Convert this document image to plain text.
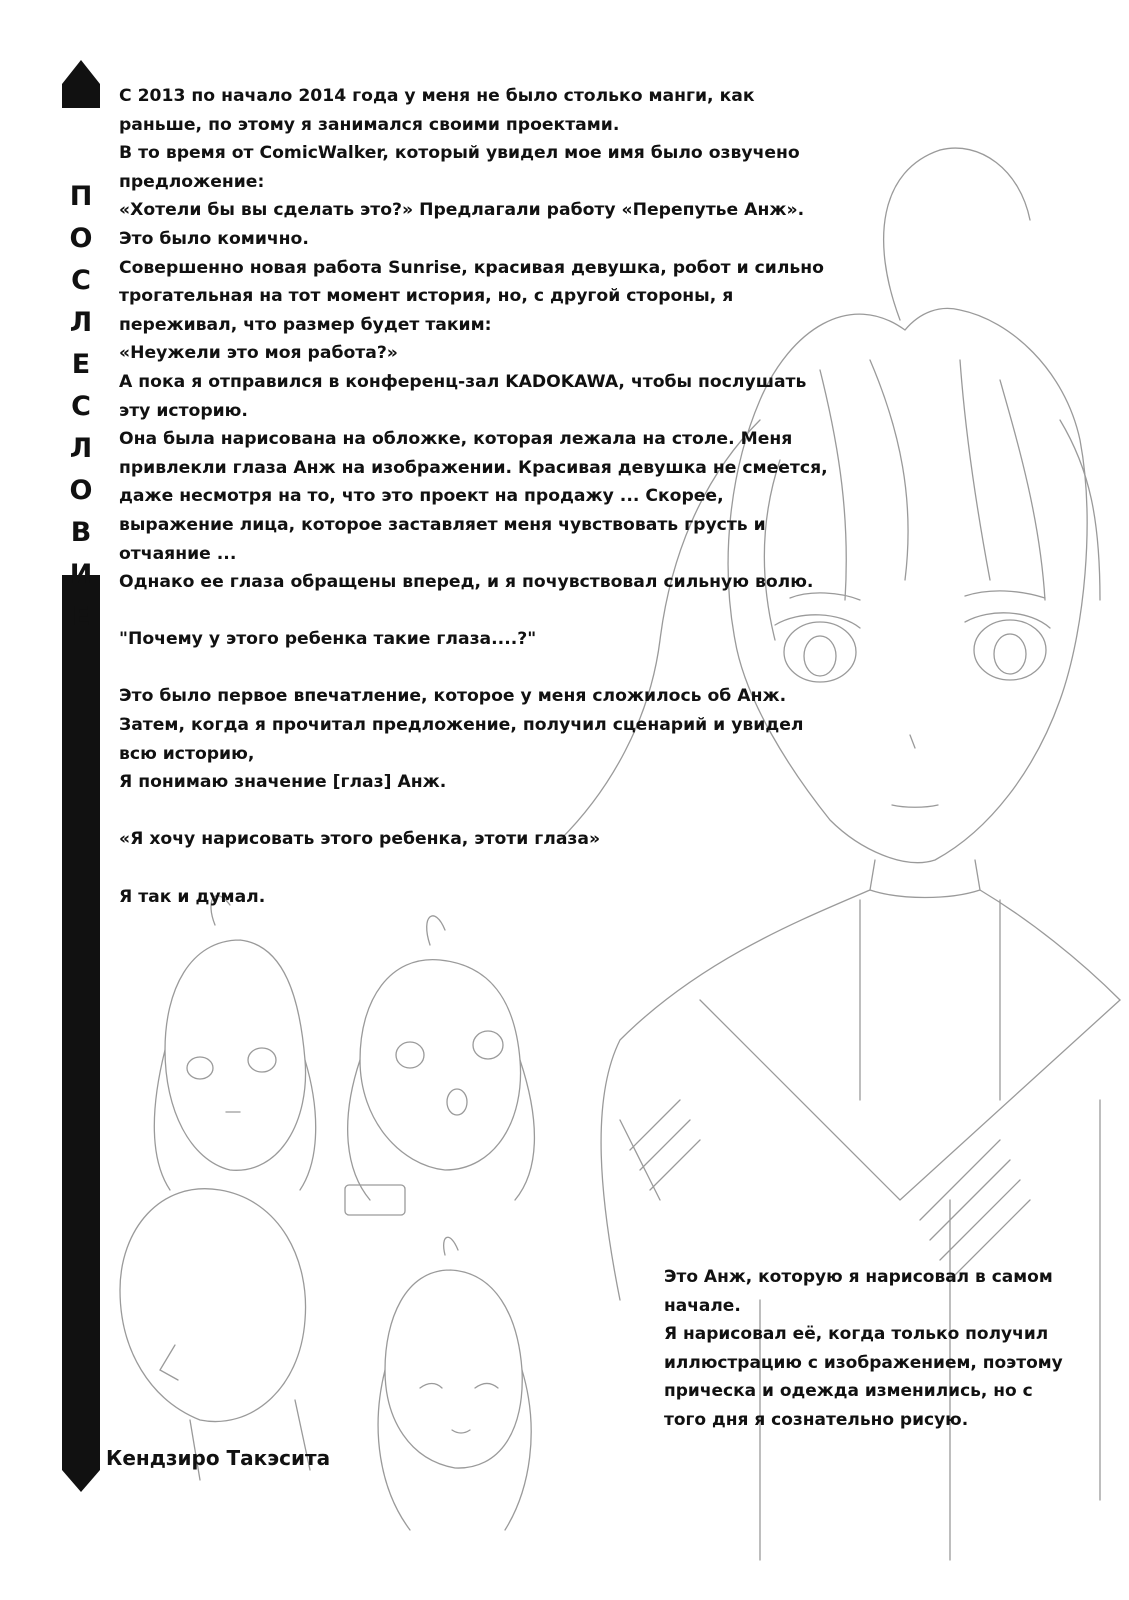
П
О
С
Л
Е
С
Л
О
В
И
Е

С 2013 по начало 2014 года у меня не было столько манги, как

раньше, по этому я занимался своими проектами.

В то время от ComicWalker, который увидел мое имя было озвучено

предложение:

«Хотели бы вы сделать это?» Предлагали работу «Перепутье Анж».

Это было комично.

Совершенно новая работа Sunrise, красивая девушка, робот и сильно

трогательная на тот момент история, но, с другой стороны, я

переживал, что размер будет таким:

«Неужели это моя работа?»

А пока я отправился в конференц-зал KADOKAWA, чтобы послушать

эту историю.

Она была нарисована на обложке, которая лежала на столе. Меня

привлекли глаза Анж на изображении. Красивая девушка не смеется,

даже несмотря на то, что это проект на продажу ... Скорее,

выражение лица, которое заставляет меня чувствовать грусть и

отчаяние ...

Однако ее глаза обращены вперед, и я почувствовал сильную волю.

"Почему у этого ребенка такие глаза....?"

Это было первое впечатление, которое у меня сложилось об Анж.

Затем, когда я прочитал предложение, получил сценарий и увидел

всю историю,

Я понимаю значение [глаз] Анж.

«Я хочу нарисовать этого ребенка, этоти глаза»

Я так и думал.

Это Анж, которую я нарисовал в самом

начале.

Я нарисовал её, когда только получил

иллюстрацию с изображением, поэтому

прическа и одежда изменились, но с

того дня я сознательно рисую.

Кендзиро Такэсита
